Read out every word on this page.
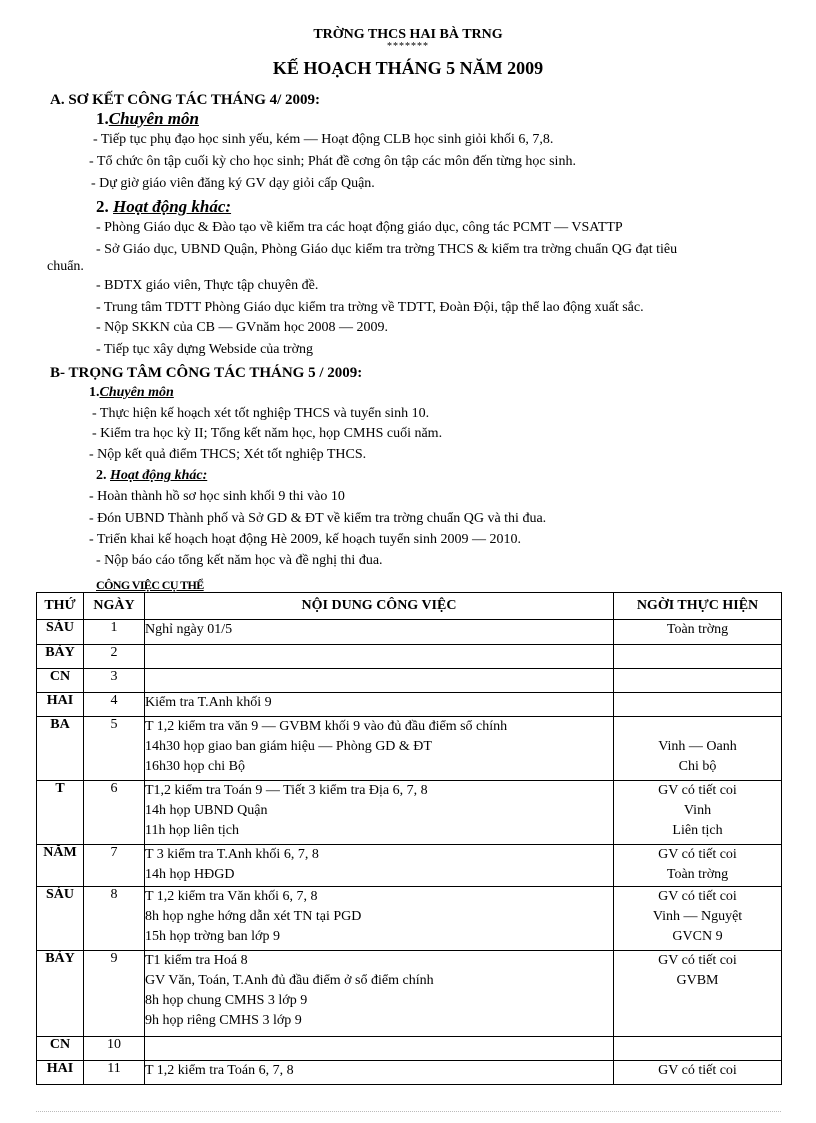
TRỜNG THCS HAI BÀ TRNG
*******
KẾ HOẠCH THÁNG 5 NĂM 2009
A. SƠ KẾT CÔNG TÁC THÁNG 4/ 2009:
1.Chuyên môn
- Tiếp tục phụ đạo học sinh yếu, kém — Hoạt động CLB học sinh giỏi khối 6, 7,8.
- Tổ chức ôn tập cuối kỳ cho học sinh; Phát đề cơng ôn tập các môn đến từng học sinh.
- Dự giờ giáo viên đăng ký GV dạy giỏi cấp Quận.
2. Hoạt động khác:
- Phòng Giáo dục & Đào tạo về kiểm tra các hoạt động giáo dục, công tác PCMT — VSATTP
- Sở Giáo dục, UBND Quận, Phòng Giáo dục kiểm tra trờng THCS & kiểm tra trờng chuẩn QG đạt tiêu
chuẩn.
- BDTX giáo viên, Thực tập chuyên đề.
- Trung tâm TDTT Phòng Giáo dục kiểm tra trờng về TDTT, Đoàn Đội, tập thể lao động xuất sắc.
- Nộp SKKN của CB — GVnăm học 2008 — 2009.
- Tiếp tục xây dựng Webside của trờng
B- TRỌNG TÂM CÔNG TÁC THÁNG 5 / 2009:
1.Chuyên môn
- Thực hiện kế hoạch xét tốt nghiệp THCS và tuyển sinh 10.
- Kiểm tra học kỳ II; Tổng kết năm học, họp CMHS cuối năm.
- Nộp kết quả điểm THCS; Xét tốt nghiệp THCS.
2. Hoạt động khác:
- Hoàn thành hồ sơ học sinh khối 9 thi vào 10
- Đón UBND Thành phố và Sở GD & ĐT về kiểm tra trờng chuẩn QG và thi đua.
- Triển khai kế hoạch hoạt động Hè 2009, kế hoạch tuyển sinh 2009 — 2010.
- Nộp báo cáo tổng kết năm học và đề nghị thi đua.
CÔNG VIỆC CỤ THỂ
THỨ	NGÀY	NỘI DUNG CÔNG VIỆC	NGỜI THỰC HIỆN
SÁU	1	Nghỉ ngày 01/5	Toàn trờng

BẢY	2		
CN	3		
HAI	4	Kiểm tra T.Anh khối 9	

BA	5	T 1,2 kiểm tra văn 9 — GVBM khối 9 vào đủ đầu điểm sổ chính
14h30 họp giao ban giám hiệu — Phòng GD & ĐT
16h30 họp chi Bộ	Vinh — Oanh
Chi bộ

T	6	T1,2 kiểm tra Toán 9 — Tiết 3 kiểm tra Địa 6, 7, 8
14h họp UBND Quận
11h họp liên tịch	GV có tiết coi
Vinh
Liên tịch

NĂM	7	T 3 kiểm tra T.Anh khối 6, 7, 8
14h họp HĐGD	GV có tiết coi
Toàn trờng

SÁU	8	T 1,2 kiểm tra Văn khối 6, 7, 8
8h họp nghe hớng dẫn xét TN tại PGD
15h họp trờng ban lớp 9	GV có tiết coi
Vinh — Nguyệt
GVCN 9

BẢY	9	T1 kiểm tra Hoá 8
GV Văn, Toán, T.Anh đủ đầu điểm ở sổ điểm chính
8h họp chung CMHS 3 lớp 9
9h họp riêng CMHS 3 lớp 9	GV có tiết coi
GVBM

CN	10		
HAI	11	T 1,2 kiểm tra Toán 6, 7, 8	GV có tiết coi
